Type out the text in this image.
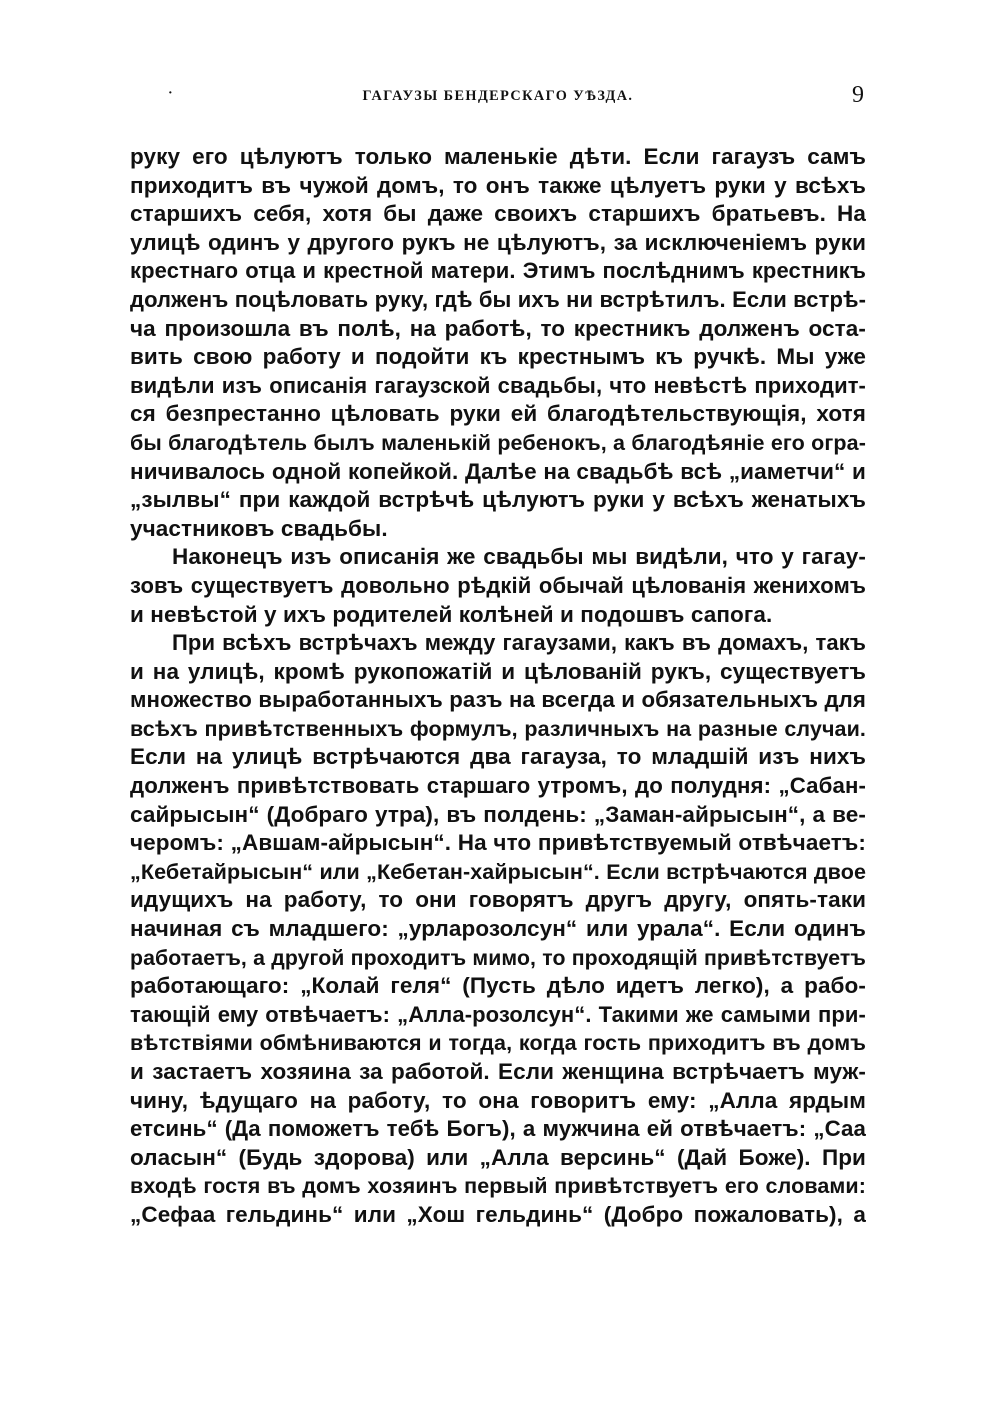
·	ГАГАУЗЫ БЕНДЕРСКАГО УѢЗДА.	9
руку его цѣлуютъ только маленькіе дѣти. Если гагаузъ самъ
приходитъ въ чужой домъ, то онъ также цѣлуетъ руки у всѣхъ
старшихъ себя, хотя бы даже своихъ старшихъ братьевъ. На
улицѣ одинъ у другого рукъ не цѣлуютъ, за исключеніемъ руки
крестнаго отца и крестной матери. Этимъ послѣднимъ крестникъ
долженъ поцѣловать руку, гдѣ бы ихъ ни встрѣтилъ. Если встрѣ-
ча произошла въ полѣ, на работѣ, то крестникъ долженъ оста-
вить свою работу и подойти къ крестнымъ къ ручкѣ. Мы уже
видѣли изъ описанія гагаузской свадьбы, что невѣстѣ приходит-
ся безпрестанно цѣловать руки ей благодѣтельствующія, хотя
бы благодѣтель былъ маленькій ребенокъ, а благодѣяніе его огра-
ничивалось одной копейкой. Далѣе на свадьбѣ всѣ „иаметчи“ и
„зылвы“ при каждой встрѣчѣ цѣлуютъ руки у всѣхъ женатыхъ
участниковъ свадьбы.
Наконецъ изъ описанія же свадьбы мы видѣли, что у гагау-
зовъ существуетъ довольно рѣдкій обычай цѣлованія женихомъ
и невѣстой у ихъ родителей колѣней и подошвъ сапога.
При всѣхъ встрѣчахъ между гагаузами, какъ въ домахъ, такъ
и на улицѣ, кромѣ рукопожатій и цѣлованій рукъ, существуетъ
множество выработанныхъ разъ на всегда и обязательныхъ для
всѣхъ привѣтственныхъ формулъ, различныхъ на разные случаи.
Если на улицѣ встрѣчаются два гагауза, то младшій изъ нихъ
долженъ привѣтствовать старшаго утромъ, до полудня: „Сабан-
сайрысын“ (Добраго утра), въ полдень: „Заман-айрысын“, а ве-
черомъ: „Авшам-айрысын“. На что привѣтствуемый отвѣчаетъ:
„Кебетайрысын“ или „Кебетан-хайрысын“. Если встрѣчаются двое
идущихъ на работу, то они говорятъ другъ другу, опять-таки
начиная съ младшего: „урларозолсун“ или урала“. Если одинъ
работаетъ, а другой проходитъ мимо, то проходящій привѣтствуетъ
работающаго: „Колай геля“ (Пусть дѣло идетъ легко), а рабо-
тающій ему отвѣчаетъ: „Алла-розолсун“. Такими же самыми при-
вѣтствіями обмѣниваются и тогда, когда гость приходитъ въ домъ
и застаетъ хозяина за работой. Если женщина встрѣчаетъ муж-
чину, ѣдущаго на работу, то она говоритъ ему: „Алла ярдым
етсинь“ (Да поможетъ тебѣ Богъ), а мужчина ей отвѣчаетъ: „Саа
оласын“ (Будь здорова) или „Алла версинь“ (Дай Боже). При
входѣ гостя въ домъ хозяинъ первый привѣтствуетъ его словами:
„Сефаа гельдинь“ или „Хош гельдинь“ (Добро пожаловать), а
